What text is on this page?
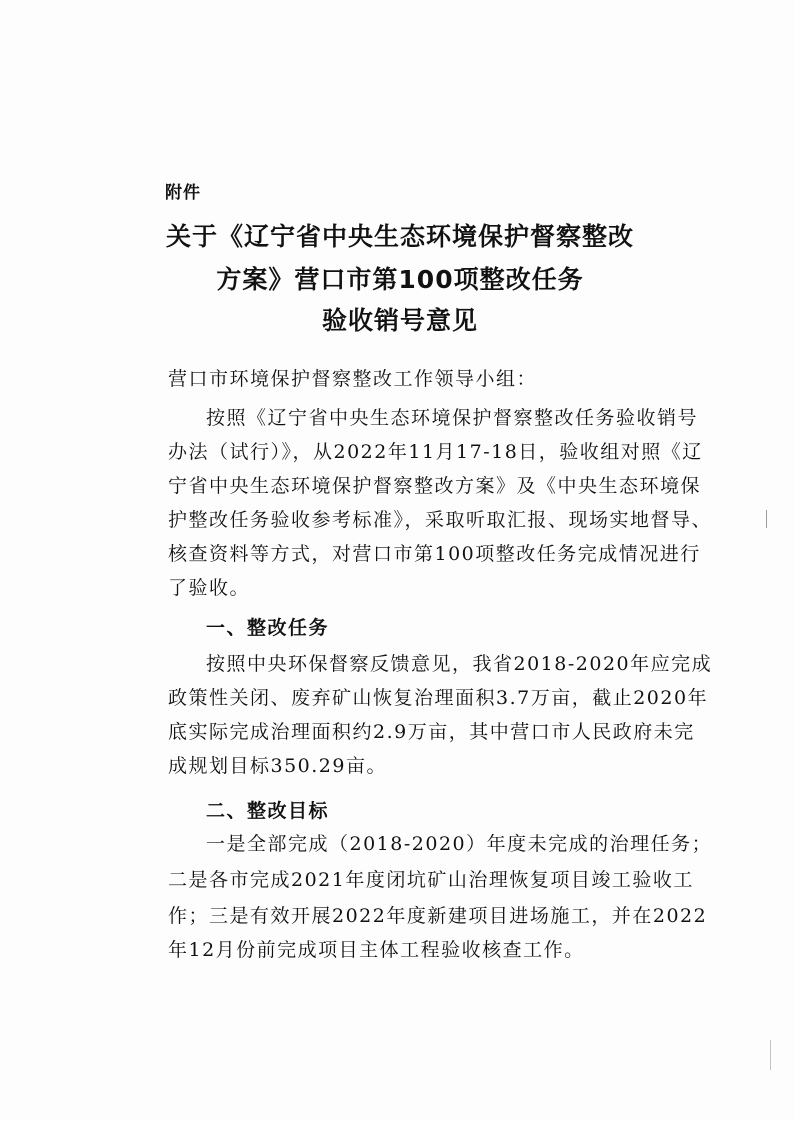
附件
关于《辽宁省中央生态环境保护督察整改
方案》营口市第100项整改任务
验收销号意见
营口市环境保护督察整改工作领导小组：
按照《辽宁省中央生态环境保护督察整改任务验收销号
办法（试行）》，从2022年11月17-18日，验收组对照《辽
宁省中央生态环境保护督察整改方案》及《中央生态环境保
护整改任务验收参考标准》，采取听取汇报、现场实地督导、
核查资料等方式，对营口市第100项整改任务完成情况进行
了验收。
一、整改任务
按照中央环保督察反馈意见，我省2018-2020年应完成
政策性关闭、废弃矿山恢复治理面积3.7万亩，截止2020年
底实际完成治理面积约2.9万亩，其中营口市人民政府未完
成规划目标350.29亩。
二、整改目标
一是全部完成（2018-2020）年度未完成的治理任务；
二是各市完成2021年度闭坑矿山治理恢复项目竣工验收工
作；三是有效开展2022年度新建项目进场施工，并在2022
年12月份前完成项目主体工程验收核查工作。
